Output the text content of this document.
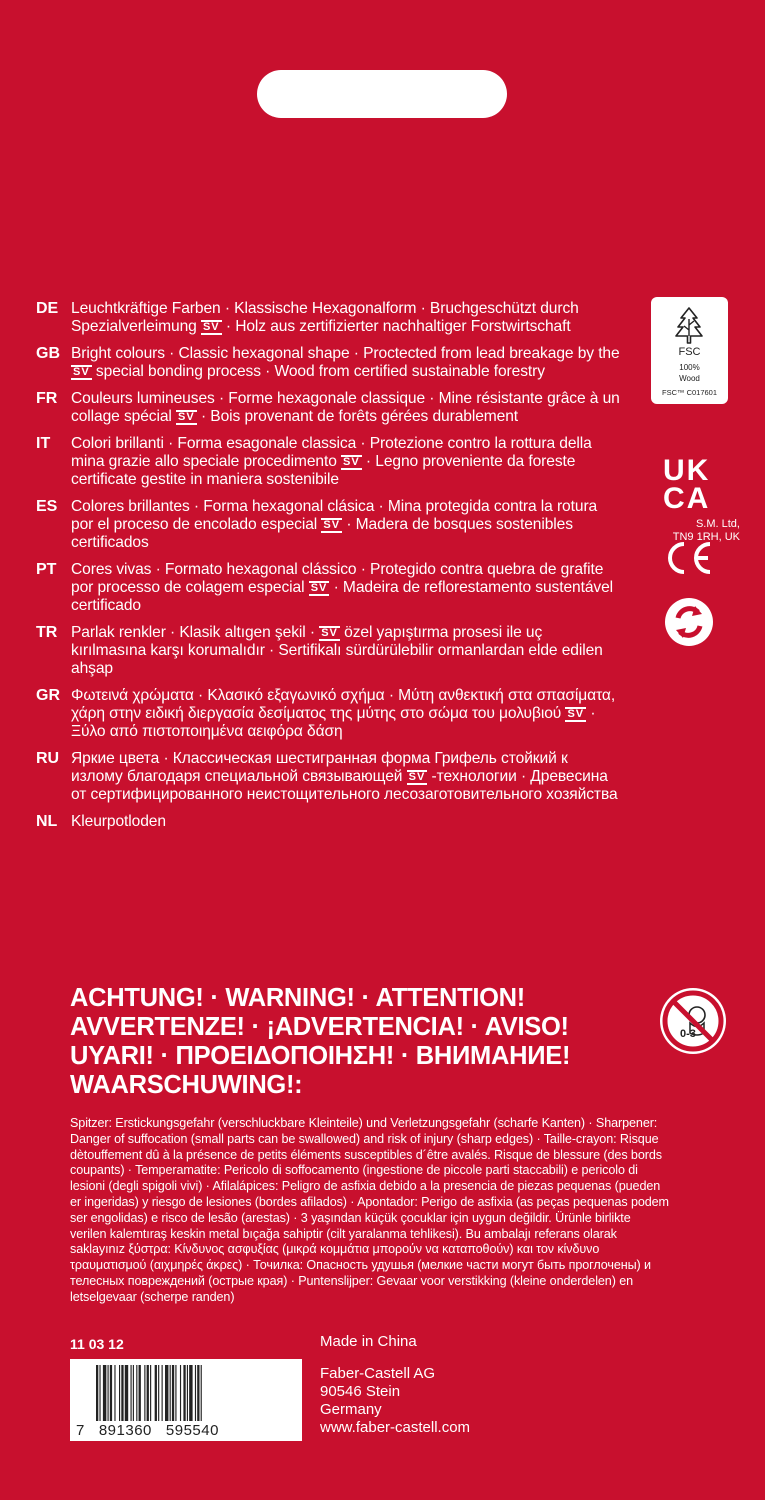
DE Leuchtkräftige Farben · Klassische Hexagonalform · Bruchgeschützt durch Spezialverleimung SV · Holz aus zertifizierter nachhaltiger Forstwirtschaft
GB Bright colours · Classic hexagonal shape · Proctected from lead breakage by the SV special bonding process · Wood from certified sustainable forestry
FR Couleurs lumineuses · Forme hexagonale classique · Mine résistante grâce à un collage spécial SV · Bois provenant de forêts gérées durablement
IT	Colori brillanti · Forma esagonale classica · Protezione contro la rottura della mina grazie allo speciale procedimento SV · Legno proveniente da foreste certificate gestite in maniera sostenibile
ES Colores brillantes · Forma hexagonal clásica · Mina protegida contra la rotura por el proceso de encolado especial SV · Madera de bosques sostenibles certificados
PT Cores vivas · Formato hexagonal clássico · Protegido contra quebra de grafite por processo de colagem especial SV · Madeira de reflorestamento sustentável certificado
TR Parlak renkler · Klasik altıgen şekil · SV özel yapıştırma prosesi ile uç kırılmasına karşı korumalıdır · Sertifikalı sürdürülebilir ormanlardan elde edilen ahşap
GR Φωτεινά χρώματα · Κλασικό εξαγωνικό σχήμα · Μύτη ανθεκτική στα σπασίματα, χάρη στην ειδική διεργασία δεσίματος της μύτης στο σώμα του μολυβιού SV · Ξύλο από πιστοποιημένα αειφόρα δάση
RU Яркие цвета · Классическая шестигранная форма Грифель стойкий к излому благодаря специальной связывающей SV -технологии · Древесина от сертифицированного неистощительного лесозаготовительного хозяйства
NL Kleurpotloden
FSC
100%
Wood
FSC™ C017601
UK
CA
S.M. Ltd,
TN9 1RH, UK
ACHTUNG! · WARNING! · ATTENTION!
AVVERTENZE! · ¡ADVERTENCIA! · AVISO!
UYARI! · ΠΡΟΕΙΔΟΠΟΙΗΣΗ! · ВНИМАНИЕ!
WAARSCHUWING!:
0-3
Spitzer: Erstickungsgefahr (verschluckbare Kleinteile) und Verletzungsgefahr (scharfe Kanten) · Sharpener: Danger of suffocation (small parts can be swallowed) and risk of injury (sharp edges) · Taille-crayon: Risque dètouffement dû à la présence de petits éléments susceptibles d´être avalés. Risque de blessure (des bords coupants) · Temperamatite: Pericolo di soffocamento (ingestione de piccole parti staccabili) e pericolo di lesioni (degli spigoli vivi) · Afilalápices: Peligro de asfixia debido a la presencia de piezas pequenas (pueden er ingeridas) y riesgo de lesiones (bordes afilados) · Apontador: Perigo de asfixia (as peças pequenas podem ser engolidas) e risco de lesão (arestas) · 3 yaşından küçük çocuklar için uygun değildir. Ürünle birlikte verilen kalemtıraş keskin metal bıçağa sahiptir (cilt yaralanma tehlikesi). Bu ambalajı referans olarak saklayınız ξύστρα: Κίνδυνος ασφυξίας (μικρά κομμάτια μπορούν να καταποθούν) και τον κίνδυνο τραυματισμού (αιχμηρές άκρες) · Точилка: Опасность удушья (мелкие части могут быть проглочены) и телесных повреждений (острые края) · Puntenslijper: Gevaar voor verstikking (kleine onderdelen) en letselgevaar (scherpe randen)
11 03 12
7   891360   595540
Made in China
Faber-Castell AG
90546 Stein
Germany
www.faber-castell.com
